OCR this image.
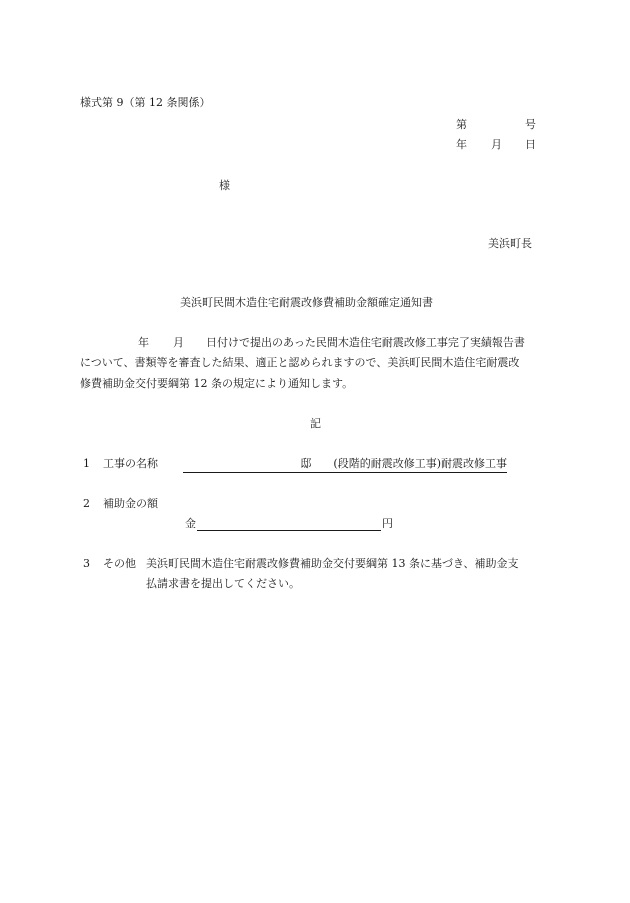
様式第 9（第 12 条関係）
第	号
年 月 日
様
美浜町長
美浜町民間木造住宅耐震改修費補助金額確定通知書
年 月 日付けで提出のあった民間木造住宅耐震改修工事完了実績報告書
について、書類等を審査した結果、適正と認められますので、美浜町民間木造住宅耐震改
修費補助金交付要綱第 12 条の規定により通知します。
記
1 工事の名称	邸　　(段階的耐震改修工事)耐震改修工事
2 補助金の額
金	円
3 その他 美浜町民間木造住宅耐震改修費補助金交付要綱第 13 条に基づき、補助金支
払請求書を提出してください。
